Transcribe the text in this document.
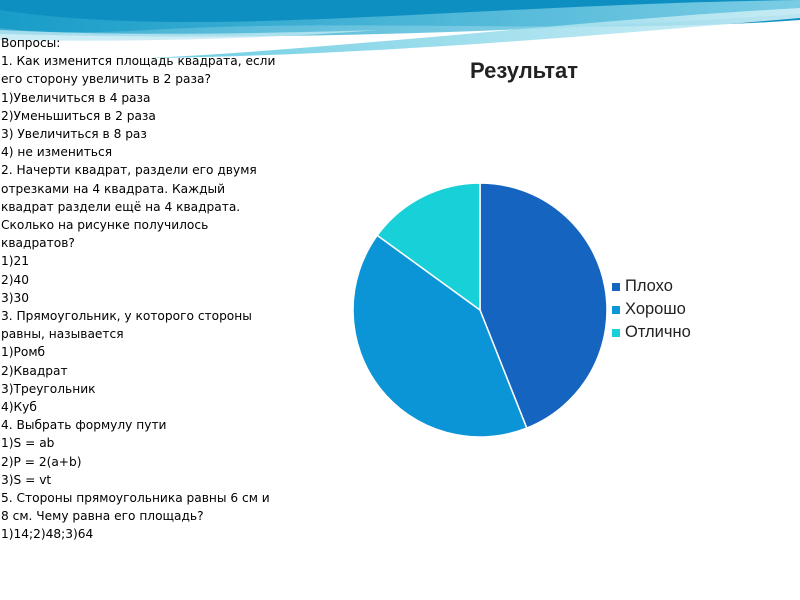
Вопросы:
1. Как изменится площадь квадрата, если его сторону увеличить в 2 раза?
1)Увеличиться в 4 раза
2)Уменьшиться в 2 раза
3) Увеличиться в 8 раз
4) не измениться
2. Начерти квадрат, раздели его двумя отрезками на 4 квадрата. Каждый квадрат раздели ещё на 4 квадрата. Сколько на рисунке получилось квадратов?
1)21
2)40
3)30
3. Прямоугольник, у которого стороны равны, называется
1)Ромб
2)Квадрат
3)Треугольник
4)Куб
4. Выбрать формулу пути
1)S = ab
2)P = 2(a+b)
3)S = vt
5. Стороны прямоугольника равны 6 см и 8 см. Чему равна его площадь?
1)14;2)48;3)64
Результат
Плохо
Хорошо
Отлично
